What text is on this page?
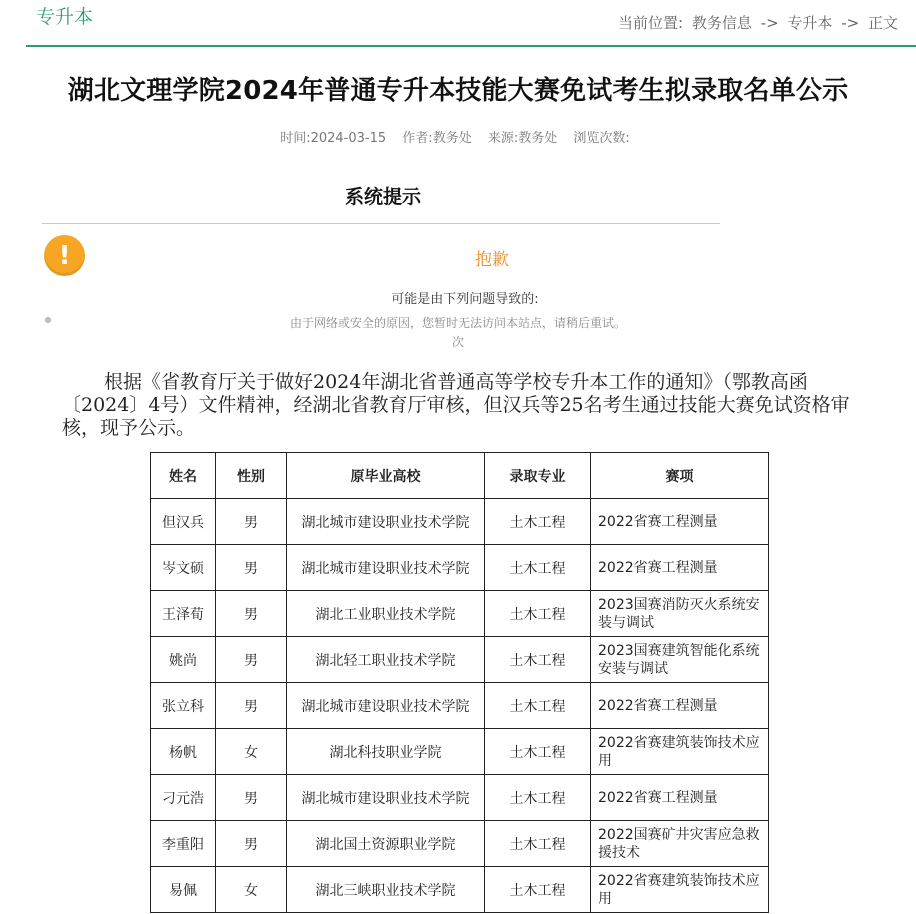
专升本	当前位置: 教务信息 -> 专升本 -> 正文
湖北文理学院2024年普通专升本技能大赛免试考生拟录取名单公示
时间:2024-03-15 作者:教务处 来源:教务处 浏览次数:
系统提示
!	抱歉
可能是由下列问题导致的:
由于网络或安全的原因，您暂时无法访问本站点，请稍后重试。
次

根据《省教育厅关于做好2024年湖北省普通高等学校专升本工作的通知》（鄂教高函〔2024〕4号）文件精神，经湖北省教育厅审核，但汉兵等25名考生通过技能大赛免试资格审核，现予公示。

姓名	性别	原毕业高校	录取专业	赛项
但汉兵	男	湖北城市建设职业技术学院	土木工程	2022省赛工程测量
岑文硕	男	湖北城市建设职业技术学院	土木工程	2022省赛工程测量
王泽荀	男	湖北工业职业技术学院	土木工程	2023国赛消防灭火系统安装与调试
姚尚	男	湖北轻工职业技术学院	土木工程	2023国赛建筑智能化系统安装与调试
张立科	男	湖北城市建设职业技术学院	土木工程	2022省赛工程测量
杨帆	女	湖北科技职业学院	土木工程	2022省赛建筑装饰技术应用
刁元浩	男	湖北城市建设职业技术学院	土木工程	2022省赛工程测量
李重阳	男	湖北国土资源职业学院	土木工程	2022国赛矿井灾害应急救援技术
易佩	女	湖北三峡职业技术学院	土木工程	2022省赛建筑装饰技术应用
